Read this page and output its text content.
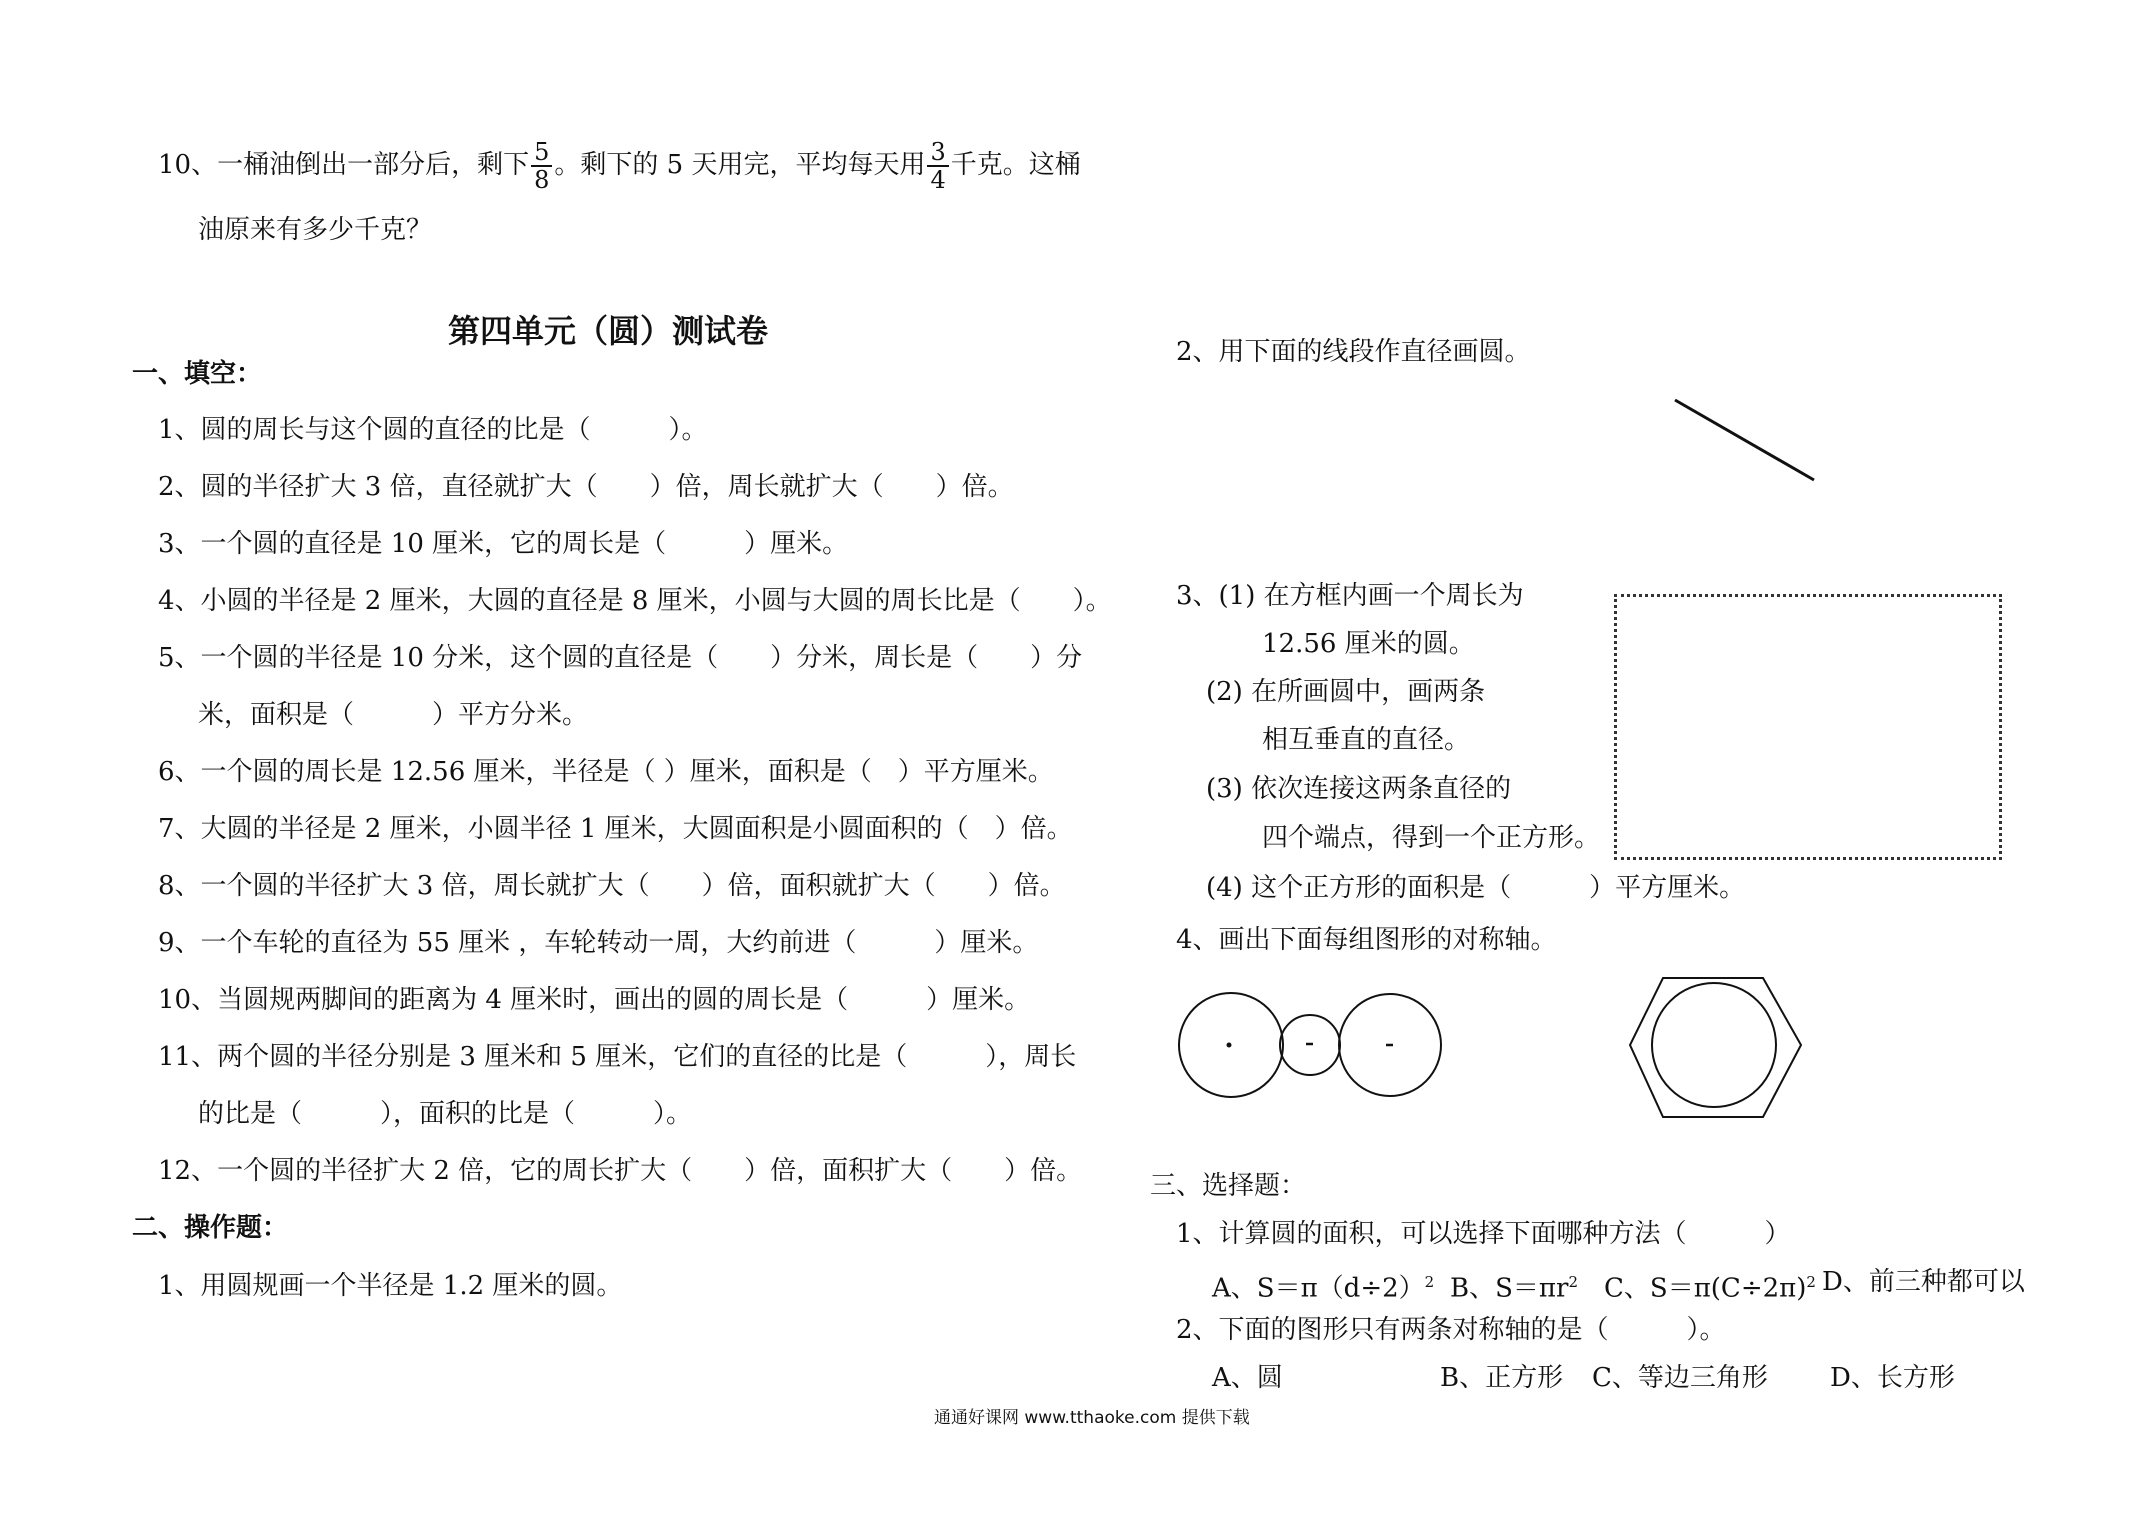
10、一桶油倒出一部分后，剩下 $\frac{5}{8}$ 。剩下的 5 天用完，平均每天用 $\frac{3}{4}$ 千克。这桶
油原来有多少千克？
第四单元（圆）测试卷
一、填空：
1、圆的周长与这个圆的直径的比是（　　　）。
2、圆的半径扩大 3 倍，直径就扩大（　　）倍，周长就扩大（　　）倍。
3、一个圆的直径是 10 厘米，它的周长是（　　　）厘米。
4、小圆的半径是 2 厘米，大圆的直径是 8 厘米，小圆与大圆的周长比是（　　）。
5、一个圆的半径是 10 分米，这个圆的直径是（　　）分米，周长是（　　）分
米，面积是（　　　）平方分米。
6、一个圆的周长是 12.56 厘米，半径是（ ）厘米，面积是（　）平方厘米。
7、大圆的半径是 2 厘米，小圆半径 1 厘米，大圆面积是小圆面积的（　）倍。
8、一个圆的半径扩大 3 倍，周长就扩大（　　）倍，面积就扩大（　　）倍。
9、一个车轮的直径为 55 厘米 ，车轮转动一周，大约前进（　　　）厘米。
10、当圆规两脚间的距离为 4 厘米时，画出的圆的周长是（　　　）厘米。
11、两个圆的半径分别是 3 厘米和 5 厘米，它们的直径的比是（　　　），周长
的比是（　　　），面积的比是（　　　）。
12、一个圆的半径扩大 2 倍，它的周长扩大（　　）倍，面积扩大（　　）倍。
二、操作题：
1、用圆规画一个半径是 1.2 厘米的圆。
2、用下面的线段作直径画圆。
3、(1) 在方框内画一个周长为
12.56 厘米的圆。
(2) 在所画圆中，画两条
相互垂直的直径。
(3) 依次连接这两条直径的
四个端点，得到一个正方形。
(4) 这个正方形的面积是（　　　）平方厘米。
4、画出下面每组图形的对称轴。
三、选择题：
1、计算圆的面积，可以选择下面哪种方法（　　　）
A、$S=\pi(d\div 2)^2$ B、$S=\pi r^2$ C、$S=\pi(C\div 2\pi)^2$ D、前三种都可以
2、下面的图形只有两条对称轴的是（　　　）。
A、圆	B、正方形 C、等边三角形 D、长方形
通通好课网 www.tthaoke.com 提供下载
